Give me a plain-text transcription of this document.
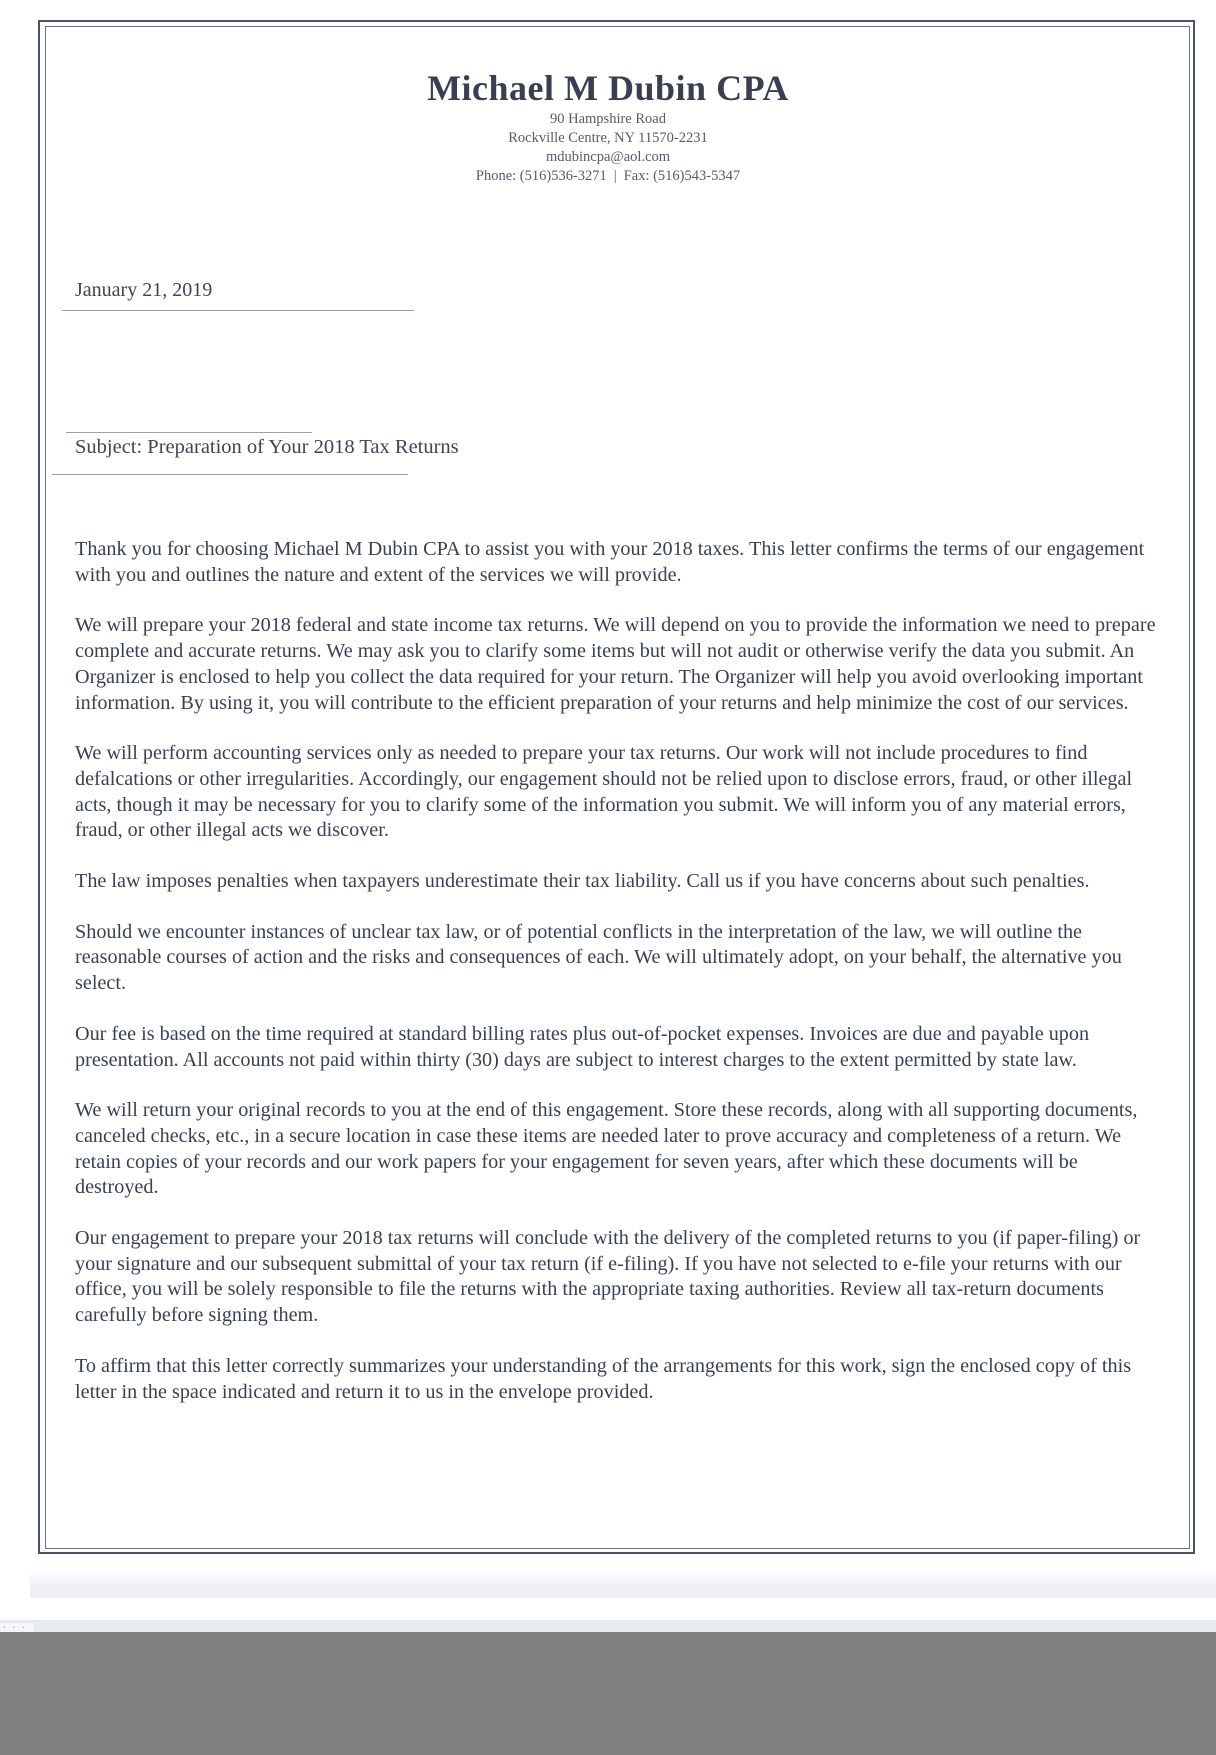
Michael M Dubin CPA
90 Hampshire Road
Rockville Centre, NY 11570-2231
mdubincpa@aol.com
Phone: (516)536-3271 | Fax: (516)543-5347
January 21, 2019
Subject: Preparation of Your 2018 Tax Returns

Thank you for choosing Michael M Dubin CPA to assist you with your 2018 taxes. This letter confirms the terms of our engagement with you and outlines the nature and extent of the services we will provide.

We will prepare your 2018 federal and state income tax returns. We will depend on you to provide the information we need to prepare complete and accurate returns. We may ask you to clarify some items but will not audit or otherwise verify the data you submit. An Organizer is enclosed to help you collect the data required for your return. The Organizer will help you avoid overlooking important information. By using it, you will contribute to the efficient preparation of your returns and help minimize the cost of our services.

We will perform accounting services only as needed to prepare your tax returns. Our work will not include procedures to find defalcations or other irregularities. Accordingly, our engagement should not be relied upon to disclose errors, fraud, or other illegal acts, though it may be necessary for you to clarify some of the information you submit. We will inform you of any material errors, fraud, or other illegal acts we discover.

The law imposes penalties when taxpayers underestimate their tax liability. Call us if you have concerns about such penalties.

Should we encounter instances of unclear tax law, or of potential conflicts in the interpretation of the law, we will outline the reasonable courses of action and the risks and consequences of each. We will ultimately adopt, on your behalf, the alternative you select.

Our fee is based on the time required at standard billing rates plus out-of-pocket expenses. Invoices are due and payable upon presentation. All accounts not paid within thirty (30) days are subject to interest charges to the extent permitted by state law.

We will return your original records to you at the end of this engagement. Store these records, along with all supporting documents, canceled checks, etc., in a secure location in case these items are needed later to prove accuracy and completeness of a return. We retain copies of your records and our work papers for your engagement for seven years, after which these documents will be destroyed.

Our engagement to prepare your 2018 tax returns will conclude with the delivery of the completed returns to you (if paper-filing) or your signature and our subsequent submittal of your tax return (if e-filing). If you have not selected to e-file your returns with our office, you will be solely responsible to file the returns with the appropriate taxing authorities. Review all tax-return documents carefully before signing them.

To affirm that this letter correctly summarizes your understanding of the arrangements for this work, sign the enclosed copy of this letter in the space indicated and return it to us in the envelope provided.

· · ·
